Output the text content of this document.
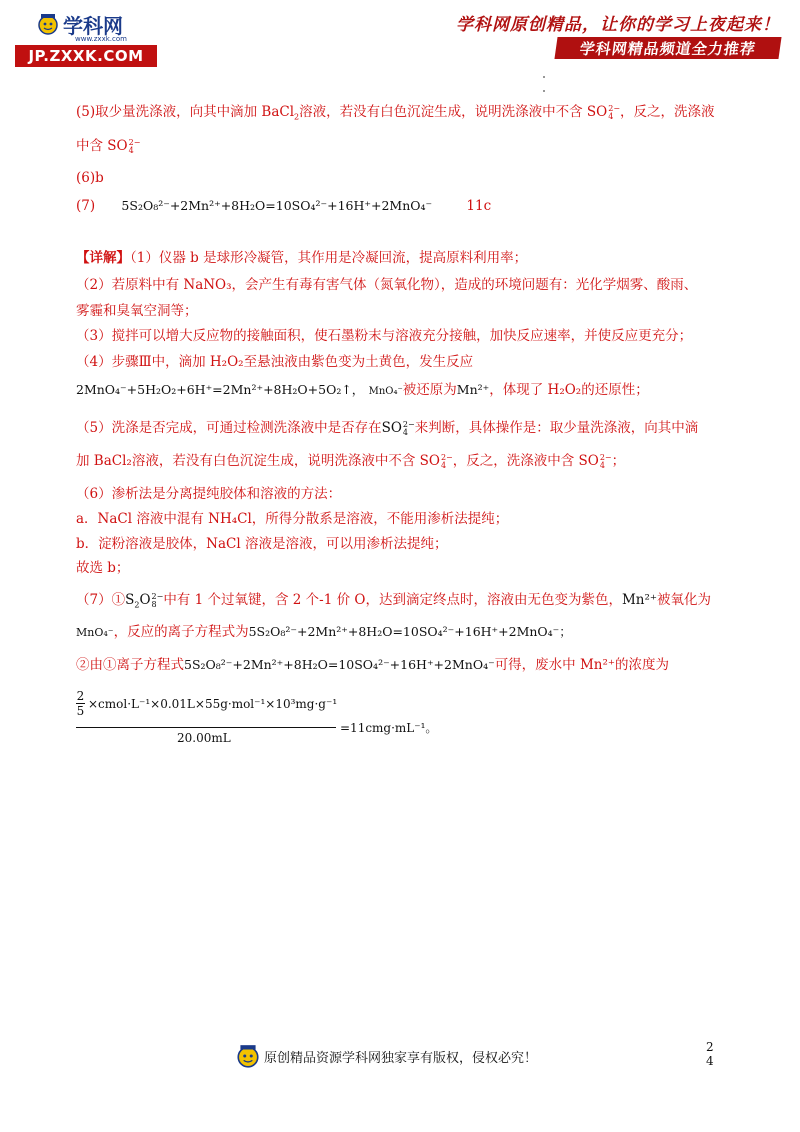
学科网
www.zxxk.com
JP.ZXXK.COM
学科网原创精品，让你的学习上夜起来！
学科网精品频道全力推荐
(5)取少量洗涤液，向其中滴加 BaCl$_2$溶液，若没有白色沉淀生成，说明洗涤液中不含 SO 2−
4 ，反之，洗涤液
中含 SO 2−
4
(6)b
(7) 5S₂O₈²⁻+2Mn²⁺+8H₂O=10SO₄²⁻+16H⁺+2MnO₄⁻	11c
【详解】（1）仪器 b 是球形冷凝管，其作用是冷凝回流，提高原料利用率；
（2）若原料中有 NaNO₃，会产生有毒有害气体（氮氧化物），造成的环境问题有：光化学烟雾、酸雨、
雾霾和臭氧空洞等；
（3）搅拌可以增大反应物的接触面积，使石墨粉末与溶液充分接触，加快反应速率，并使反应更充分；
（4）步骤Ⅲ中，滴加 H₂O₂至悬浊液由紫色变为土黄色，发生反应
2MnO₄⁻+5H₂O₂+6H⁺=2Mn²⁺+8H₂O+5O₂↑， MnO₄⁻被还原为Mn²⁺，体现了 H₂O₂的还原性；
（5）洗涤是否完成，可通过检测洗涤液中是否存在SO 2−
4 来判断，具体操作是：取少量洗涤液，向其中滴
加 BaCl₂溶液，若没有白色沉淀生成，说明洗涤液中不含 SO 2−
4 ，反之，洗涤液中含 SO 2−
4 ；
（6）渗析法是分离提纯胶体和溶液的方法：
a．NaCl 溶液中混有 NH₄Cl，所得分散系是溶液，不能用渗析法提纯；
b．淀粉溶液是胶体，NaCl 溶液是溶液，可以用渗析法提纯；
故选 b；
$(7)①S_2O$ 2−
8 中有 1 个过氧键，含 2 个-1 价 O，达到滴定终点时，溶液由无色变为紫色，Mn²⁺被氧化为
MnO₄⁻，反应的离子方程式为5S₂O₈²⁻+2Mn²⁺+8H₂O=10SO₄²⁻+16H⁺+2MnO₄⁻；
②由①离子方程式5S₂O₈²⁻+2Mn²⁺+8H₂O=10SO₄²⁻+16H⁺+2MnO₄⁻可得，废水中 Mn²⁺的浓度为
$\frac{2}{5}$ ×cmol·L⁻¹×0.01L×55g·mol⁻¹×10³mg·g⁻¹
20.00mL
=11cmg·mL⁻¹。
原创精品资源学科网独家享有版权，侵权必究！
2
4
